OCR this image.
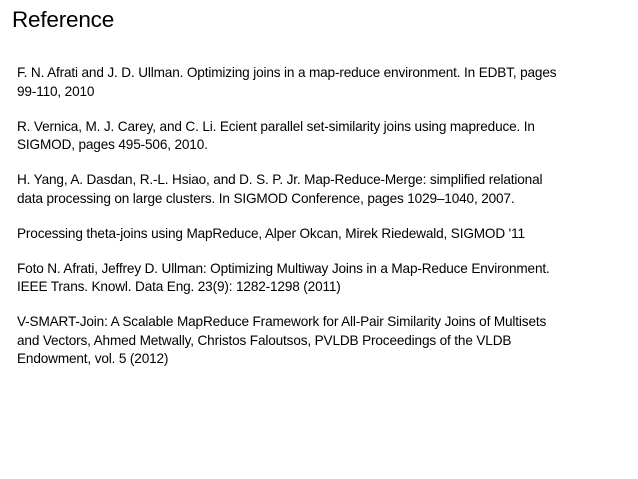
Reference
F. N. Afrati and J. D. Ullman. Optimizing joins in a map-reduce environment. In EDBT, pages
99-110, 2010
R. Vernica, M. J. Carey, and C. Li. Ecient parallel set-similarity joins using mapreduce. In
SIGMOD, pages 495-506, 2010.
H. Yang, A. Dasdan, R.-L. Hsiao, and D. S. P. Jr. Map-Reduce-Merge: simplified relational
data processing on large clusters. In SIGMOD Conference, pages 1029–1040, 2007.
Processing theta-joins using MapReduce, Alper Okcan, Mirek Riedewald, SIGMOD '11
Foto N. Afrati, Jeffrey D. Ullman: Optimizing Multiway Joins in a Map-Reduce Environment.
IEEE Trans. Knowl. Data Eng. 23(9): 1282-1298 (2011)
V-SMART-Join: A Scalable MapReduce Framework for All-Pair Similarity Joins of Multisets
and Vectors, Ahmed Metwally, Christos Faloutsos, PVLDB Proceedings of the VLDB
Endowment, vol. 5 (2012)
